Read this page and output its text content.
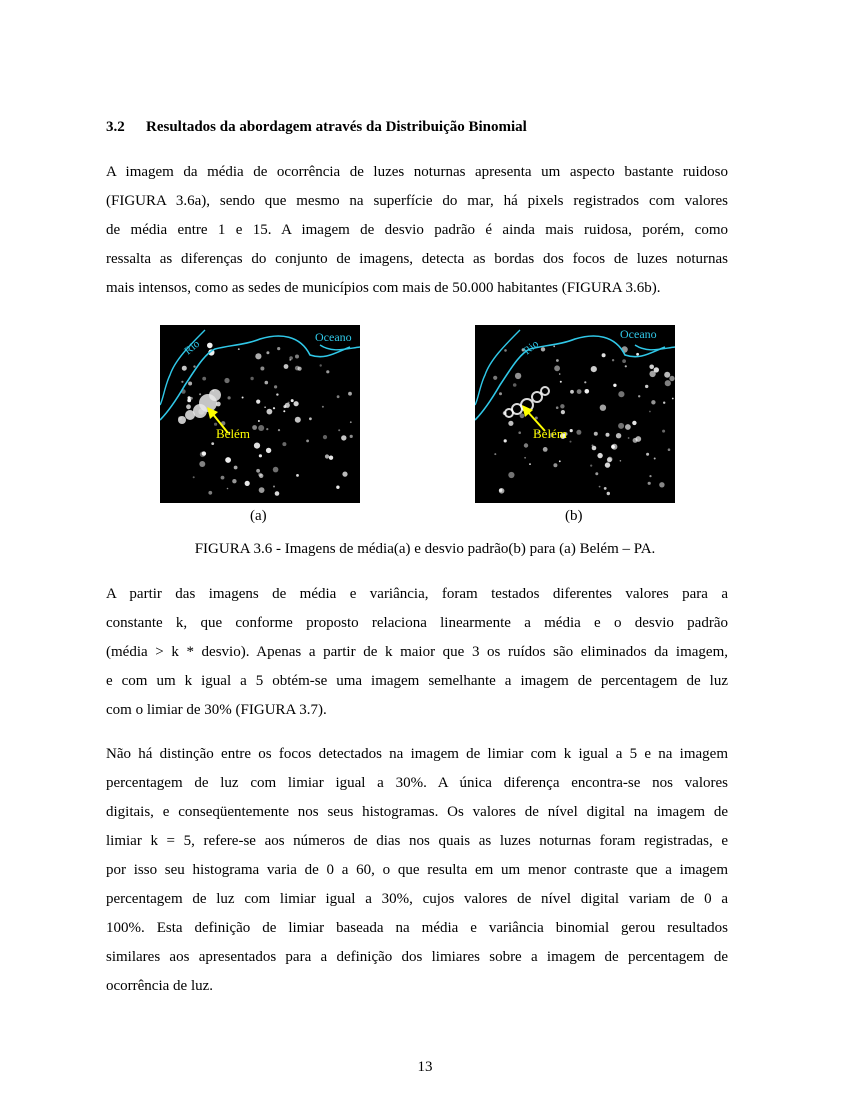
3.2 Resultados da abordagem através da Distribuição Binomial
A imagem da média de ocorrência de luzes noturnas apresenta um aspecto bastante ruidoso
(FIGURA 3.6a), sendo que mesmo na superfície do mar, há pixels registrados com valores
de média entre 1 e 15. A imagem de desvio padrão é ainda mais ruidosa, porém, como
ressalta as diferenças do conjunto de imagens, detecta as bordas dos focos de luzes noturnas
mais intensos, como as sedes de municípios com mais de 50.000 habitantes (FIGURA 3.6b).
Oceano
Rio
Belém
Oceano
Rio
Belém
(a)	(b)
FIGURA 3.6 - Imagens de média(a) e desvio padrão(b) para (a) Belém – PA.
A partir das imagens de média e variância, foram testados diferentes valores para a
constante k, que conforme proposto relaciona linearmente a média e o desvio padrão
(média > k * desvio). Apenas a partir de k maior que 3 os ruídos são eliminados da imagem,
e com um k igual a 5 obtém-se uma imagem semelhante a imagem de percentagem de luz
com o limiar de 30% (FIGURA 3.7).
Não há distinção entre os focos detectados na imagem de limiar com k igual a 5 e na imagem
percentagem de luz com limiar igual a 30%. A única diferença encontra-se nos valores
digitais, e conseqüentemente nos seus histogramas. Os valores de nível digital na imagem de
limiar k = 5, refere-se aos números de dias nos quais as luzes noturnas foram registradas, e
por isso seu histograma varia de 0 a 60, o que resulta em um menor contraste que a imagem
percentagem de luz com limiar igual a 30%, cujos valores de nível digital variam de 0 a
100%. Esta definição de limiar baseada na média e variância binomial gerou resultados
similares aos apresentados para a definição dos limiares sobre a imagem de percentagem de
ocorrência de luz.
13
